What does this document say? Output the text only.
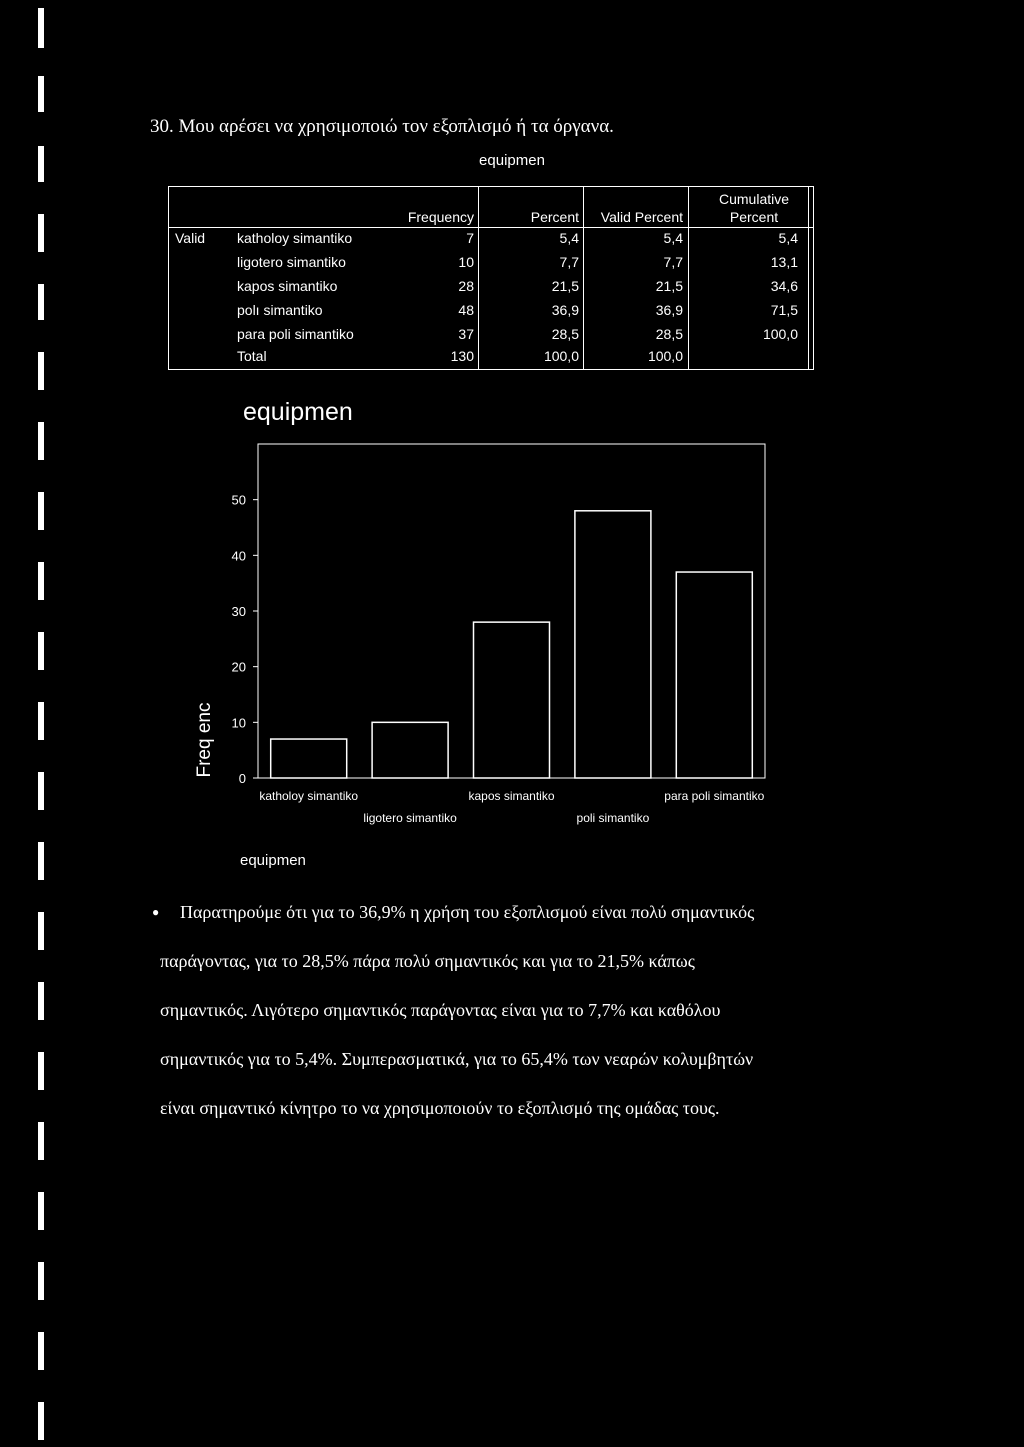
30. Μου αρέσει να χρησιμοποιώ τον εξοπλισμό ή τα όργανα.
equipmen
Frequency	Percent	Valid Percent
Cumulative
Percent
Valid katholoy simantiko	7	5,4	5,4	5,4
ligotero simantiko	10	7,7	7,7	13,1
kapos simantiko	28	21,5	21,5	34,6
polı simantiko	48	36,9	36,9	71,5
para poli simantiko	37	28,5	28,5	100,0
Total	130	100,0	100,0
equipmen
0
10
20
30
40
50
Freq enc
katholoy simantiko
ligotero simantiko
kapos simantiko
poli simantiko
para poli simantiko
equipmen
●	Παρατηρούμε ότι για το 36,9% η χρήση του εξοπλισμού είναι πολύ σημαντικός
παράγοντας, για το 28,5% πάρα πολύ σημαντικός και για το 21,5% κάπως
σημαντικός. Λιγότερο σημαντικός παράγοντας είναι για το 7,7% και καθόλου
σημαντικός για το 5,4%. Συμπερασματικά, για το 65,4% των νεαρών κολυμβητών
είναι σημαντικό κίνητρο το να χρησιμοποιούν το εξοπλισμό της ομάδας τους.
